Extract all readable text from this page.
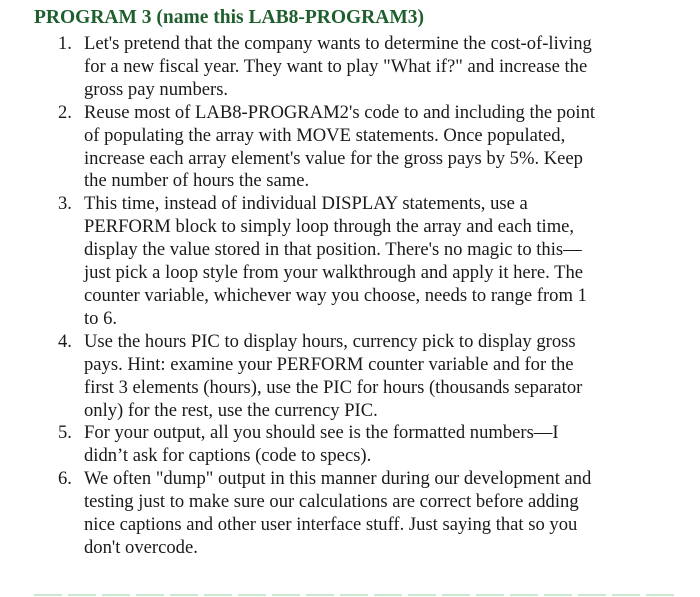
PROGRAM 3 (name this LAB8-PROGRAM3)
1. Let's pretend that the company wants to determine the cost-of-living
for a new fiscal year. They want to play "What if?" and increase the
gross pay numbers.
2. Reuse most of LAB8-PROGRAM2's code to and including the point
of populating the array with MOVE statements. Once populated,
increase each array element's value for the gross pays by 5%. Keep
the number of hours the same.
3. This time, instead of individual DISPLAY statements, use a
PERFORM block to simply loop through the array and each time,
display the value stored in that position. There's no magic to this—
just pick a loop style from your walkthrough and apply it here. The
counter variable, whichever way you choose, needs to range from 1
to 6.
4. Use the hours PIC to display hours, currency pick to display gross
pays. Hint: examine your PERFORM counter variable and for the
first 3 elements (hours), use the PIC for hours (thousands separator
only) for the rest, use the currency PIC.
5. For your output, all you should see is the formatted numbers—I
didn’t ask for captions (code to specs).
6. We often "dump" output in this manner during our development and
testing just to make sure our calculations are correct before adding
nice captions and other user interface stuff. Just saying that so you
don't overcode.
